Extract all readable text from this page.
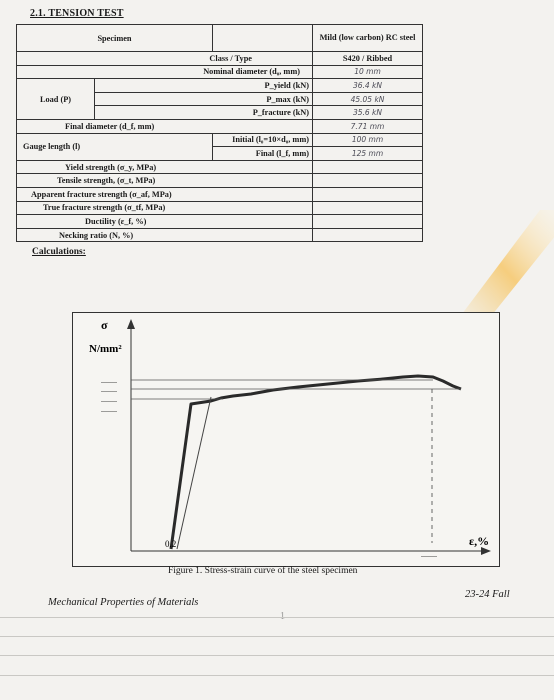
2.1. TENSION TEST
Specimen			Mild (low carbon) RC steel
Class / Type			S420 / Ribbed
Nominal diameter (d₀, mm)			10 mm
Load (P)	P_yield (kN)		36.4 kN
	P_max (kN)		45.05 kN
	P_fracture (kN)		35.6 kN
Final diameter (d_f, mm)			7.71 mm
Gauge length (l)		Initial (l₀=10×d₀, mm)	100 mm
		Final (l_f, mm)	125 mm
Yield strength (σ_y, MPa)			
Tensile strength, (σ_t, MPa)			
Apparent fracture strength (σ_af, MPa)			
True fracture strength (σ_tf, MPa)			
Ductility (ε_f, %)			
Necking ratio (N, %)			
Calculations:
σ
N/mm²
........
........
........
........
0.2
........
ε,%
Figure 1. Stress-strain curve of the steel specimen
Mechanical Properties of Materials
23-24 Fall
